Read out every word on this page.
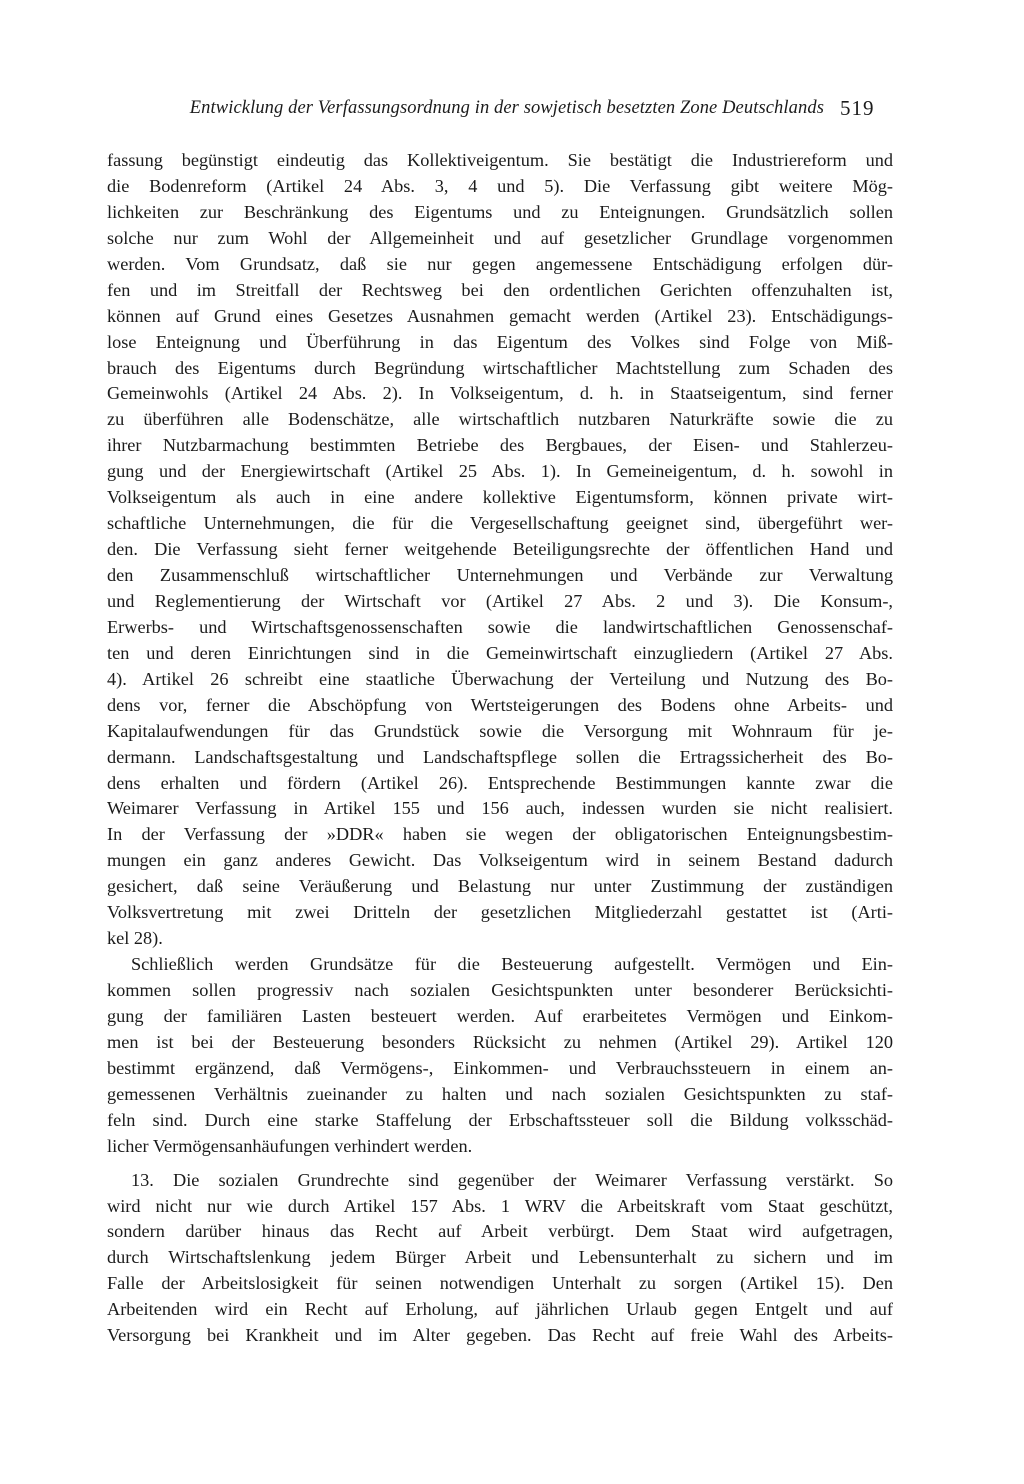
Entwicklung der Verfassungsordnung in der sowjetisch besetzten Zone Deutschlands 519
fassung begünstigt eindeutig das Kollektiveigentum. Sie bestätigt die Industriereform und
die Bodenreform (Artikel 24 Abs. 3, 4 und 5). Die Verfassung gibt weitere Mög-
lichkeiten zur Beschränkung des Eigentums und zu Enteignungen. Grundsätzlich sollen
solche nur zum Wohl der Allgemeinheit und auf gesetzlicher Grundlage vorgenommen
werden. Vom Grundsatz, daß sie nur gegen angemessene Entschädigung erfolgen dür-
fen und im Streitfall der Rechtsweg bei den ordentlichen Gerichten offenzuhalten ist,
können auf Grund eines Gesetzes Ausnahmen gemacht werden (Artikel 23). Entschädigungs-
lose Enteignung und Überführung in das Eigentum des Volkes sind Folge von Miß-
brauch des Eigentums durch Begründung wirtschaftlicher Machtstellung zum Schaden des
Gemeinwohls (Artikel 24 Abs. 2). In Volkseigentum, d. h. in Staatseigentum, sind ferner
zu überführen alle Bodenschätze, alle wirtschaftlich nutzbaren Naturkräfte sowie die zu
ihrer Nutzbarmachung bestimmten Betriebe des Bergbaues, der Eisen- und Stahlerzeu-
gung und der Energiewirtschaft (Artikel 25 Abs. 1). In Gemeineigentum, d. h. sowohl in
Volkseigentum als auch in eine andere kollektive Eigentumsform, können private wirt-
schaftliche Unternehmungen, die für die Vergesellschaftung geeignet sind, übergeführt wer-
den. Die Verfassung sieht ferner weitgehende Beteiligungsrechte der öffentlichen Hand und
den Zusammenschluß wirtschaftlicher Unternehmungen und Verbände zur Verwaltung
und Reglementierung der Wirtschaft vor (Artikel 27 Abs. 2 und 3). Die Konsum-,
Erwerbs- und Wirtschaftsgenossenschaften sowie die landwirtschaftlichen Genossenschaf-
ten und deren Einrichtungen sind in die Gemeinwirtschaft einzugliedern (Artikel 27 Abs.
4). Artikel 26 schreibt eine staatliche Überwachung der Verteilung und Nutzung des Bo-
dens vor, ferner die Abschöpfung von Wertsteigerungen des Bodens ohne Arbeits- und
Kapitalaufwendungen für das Grundstück sowie die Versorgung mit Wohnraum für je-
dermann. Landschaftsgestaltung und Landschaftspflege sollen die Ertragssicherheit des Bo-
dens erhalten und fördern (Artikel 26). Entsprechende Bestimmungen kannte zwar die
Weimarer Verfassung in Artikel 155 und 156 auch, indessen wurden sie nicht realisiert.
In der Verfassung der »DDR« haben sie wegen der obligatorischen Enteignungsbestim-
mungen ein ganz anderes Gewicht. Das Volkseigentum wird in seinem Bestand dadurch
gesichert, daß seine Veräußerung und Belastung nur unter Zustimmung der zuständigen
Volksvertretung mit zwei Dritteln der gesetzlichen Mitgliederzahl gestattet ist (Arti-
kel 28).
Schließlich werden Grundsätze für die Besteuerung aufgestellt. Vermögen und Ein-
kommen sollen progressiv nach sozialen Gesichtspunkten unter besonderer Berücksichti-
gung der familiären Lasten besteuert werden. Auf erarbeitetes Vermögen und Einkom-
men ist bei der Besteuerung besonders Rücksicht zu nehmen (Artikel 29). Artikel 120
bestimmt ergänzend, daß Vermögens-, Einkommen- und Verbrauchssteuern in einem an-
gemessenen Verhältnis zueinander zu halten und nach sozialen Gesichtspunkten zu staf-
feln sind. Durch eine starke Staffelung der Erbschaftssteuer soll die Bildung volksschäd-
licher Vermögensanhäufungen verhindert werden.
13. Die sozialen Grundrechte sind gegenüber der Weimarer Verfassung verstärkt. So
wird nicht nur wie durch Artikel 157 Abs. 1 WRV die Arbeitskraft vom Staat geschützt,
sondern darüber hinaus das Recht auf Arbeit verbürgt. Dem Staat wird aufgetragen,
durch Wirtschaftslenkung jedem Bürger Arbeit und Lebensunterhalt zu sichern und im
Falle der Arbeitslosigkeit für seinen notwendigen Unterhalt zu sorgen (Artikel 15). Den
Arbeitenden wird ein Recht auf Erholung, auf jährlichen Urlaub gegen Entgelt und auf
Versorgung bei Krankheit und im Alter gegeben. Das Recht auf freie Wahl des Arbeits-
